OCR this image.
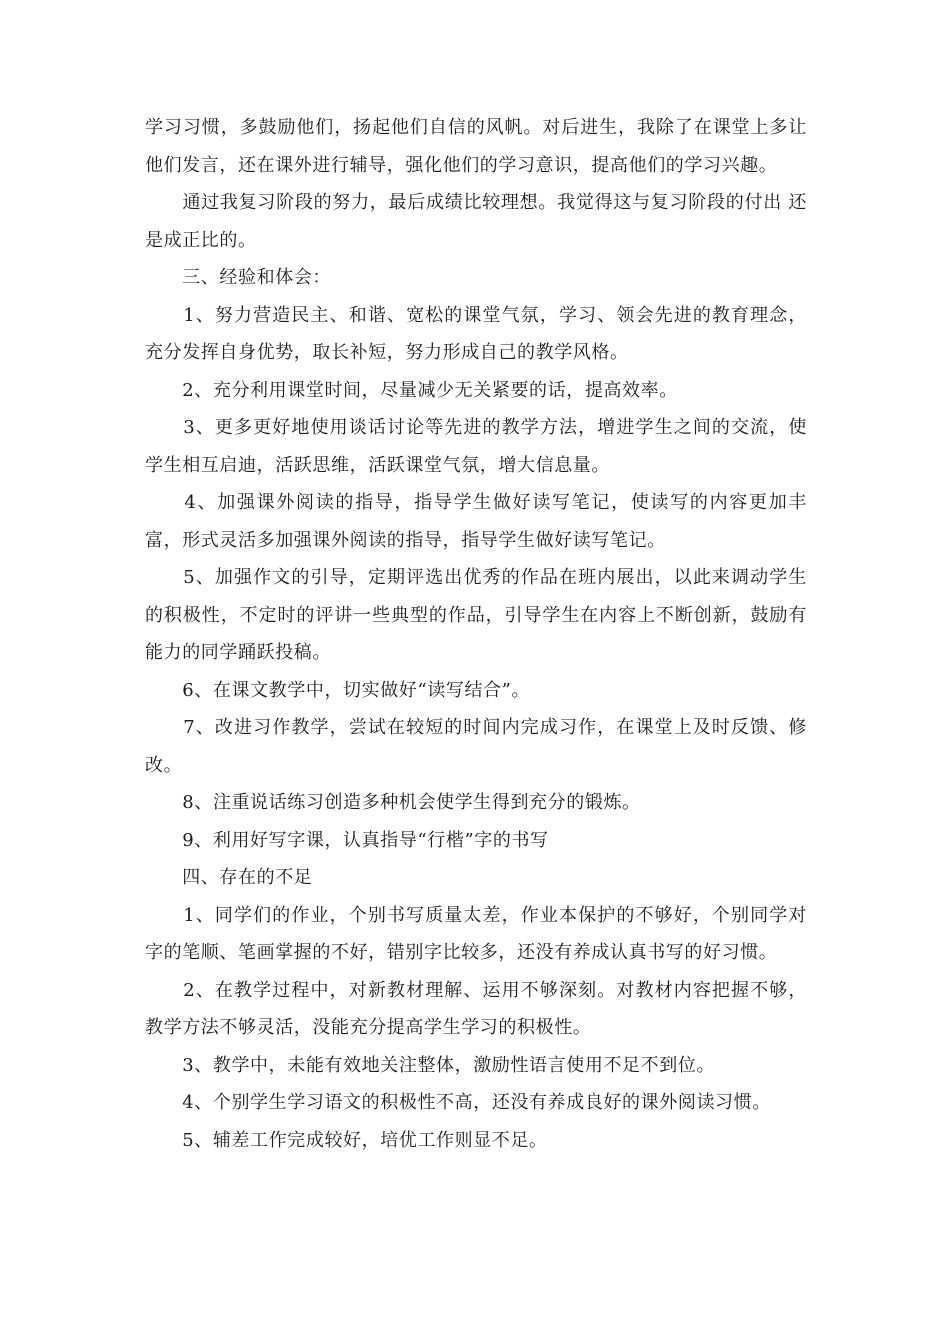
学习习惯，多鼓励他们，扬起他们自信的风帆。对后进生，我除了在课堂上多让他们发言，还在课外进行辅导，强化他们的学习意识，提高他们的学习兴趣。

　　通过我复习阶段的努力，最后成绩比较理想。我觉得这与复习阶段的付出 还是成正比的。

　　三、经验和体会：

　　1、努力营造民主、和谐、宽松的课堂气氛，学习、领会先进的教育理念，充分发挥自身优势，取长补短，努力形成自己的教学风格。

　　2、充分利用课堂时间，尽量减少无关紧要的话，提高效率。

　　3、更多更好地使用谈话讨论等先进的教学方法，增进学生之间的交流，使学生相互启迪，活跃思维，活跃课堂气氛，增大信息量。

　　4、加强课外阅读的指导，指导学生做好读写笔记，使读写的内容更加丰富，形式灵活多加强课外阅读的指导，指导学生做好读写笔记。

　　5、加强作文的引导，定期评选出优秀的作品在班内展出，以此来调动学生的积极性，不定时的评讲一些典型的作品，引导学生在内容上不断创新，鼓励有能力的同学踊跃投稿。

　　6、在课文教学中，切实做好“读写结合”。

　　7、改进习作教学，尝试在较短的时间内完成习作，在课堂上及时反馈、修改。

　　8、注重说话练习创造多种机会使学生得到充分的锻炼。

　　9、利用好写字课，认真指导“行楷”字的书写

　　四、存在的不足

　　1、同学们的作业，个别书写质量太差，作业本保护的不够好，个别同学对字的笔顺、笔画掌握的不好，错别字比较多，还没有养成认真书写的好习惯。

　　2、在教学过程中，对新教材理解、运用不够深刻。对教材内容把握不够，教学方法不够灵活，没能充分提高学生学习的积极性。

　　3、教学中，未能有效地关注整体，激励性语言使用不足不到位。

　　4、个别学生学习语文的积极性不高，还没有养成良好的课外阅读习惯。

　　5、辅差工作完成较好，培优工作则显不足。
